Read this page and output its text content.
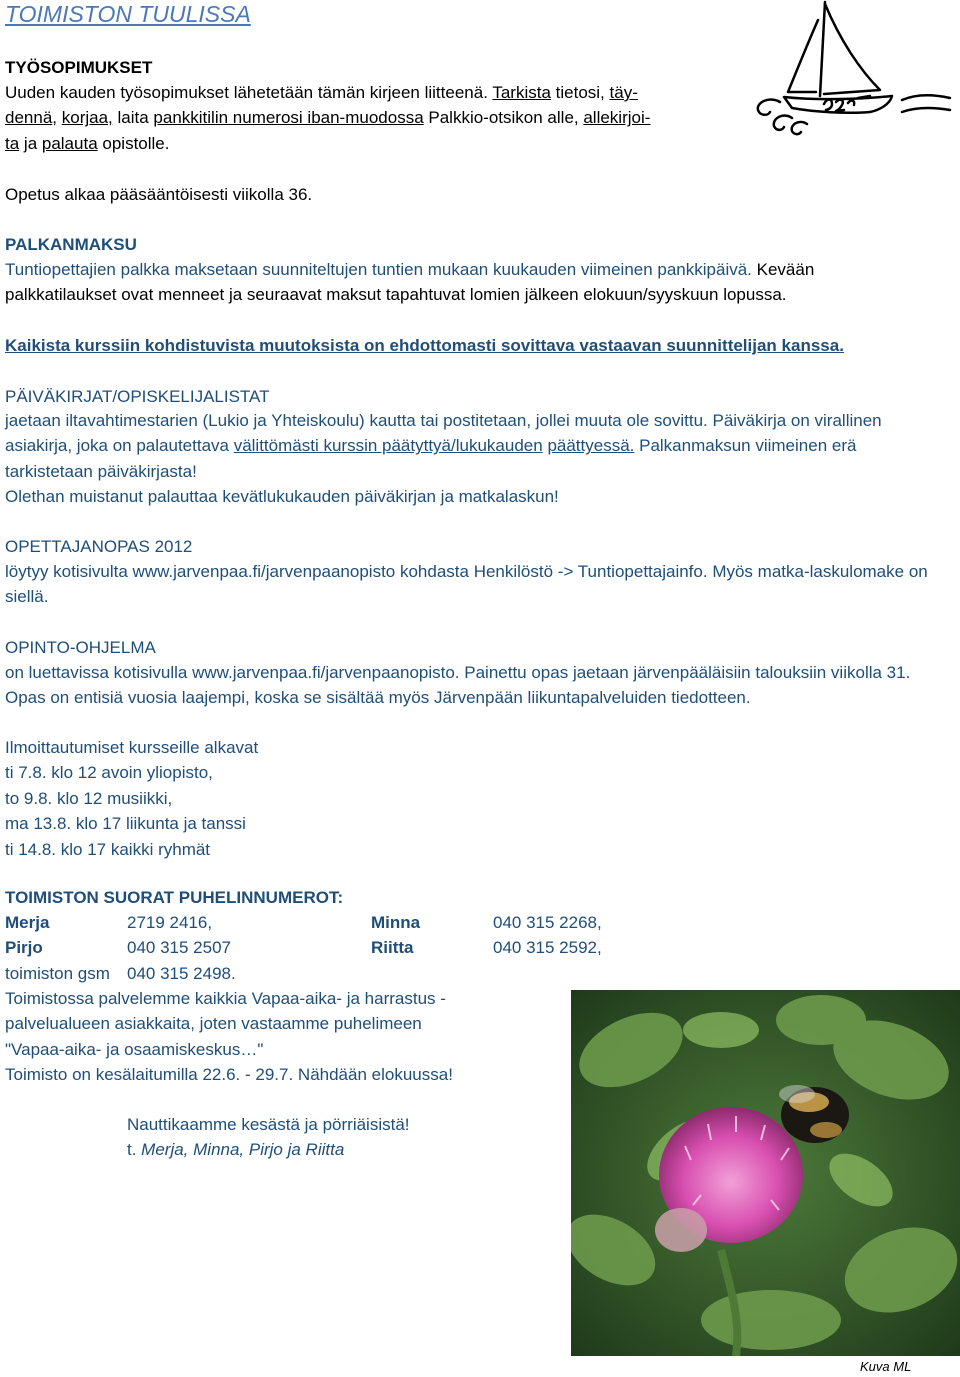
TOIMISTON TUULISSA

TYÖSOPIMUKSET

Uuden kauden työsopimukset lähetetään tämän kirjeen liitteenä. Tarkista tietosi, täy-
dennä, korjaa, laita pankkitilin numerosi iban-muodossa Palkkio-otsikon alle, allekirjoi-
ta ja palauta opistolle.

Opetus alkaa pääsääntöisesti viikolla 36.

PALKANMAKSU

Tuntiopettajien palkka maksetaan suunniteltujen tuntien mukaan kuukauden viimeinen pankkipäivä. Kevään palkkatilaukset ovat menneet ja seuraavat maksut tapahtuvat lomien jälkeen elokuun/syyskuun lopussa.

Kaikista kurssiin kohdistuvista muutoksista on ehdottomasti sovittava vastaavan suunnittelijan kanssa.

PÄIVÄKIRJAT/OPISKELIJALISTAT

jaetaan iltavahtimestarien (Lukio ja Yhteiskoulu) kautta tai postitetaan, jollei muuta ole sovittu. Päiväkirja on virallinen asiakirja, joka on palautettava välittömästi kurssin päätyttyä/lukukauden päättyessä. Palkanmaksun viimeinen erä tarkistetaan päiväkirjasta!
Olethan muistanut palauttaa kevätlukukauden päiväkirjan ja matkalaskun!

OPETTAJANOPAS 2012

löytyy kotisivulta www.jarvenpaa.fi/jarvenpaanopisto kohdasta Henkilöstö -> Tuntiopettajainfo. Myös matka-laskulomake on siellä.

OPINTO-OHJELMA

on luettavissa kotisivulla www.jarvenpaa.fi/jarvenpaanopisto. Painettu opas jaetaan järvenpääläisiin talouksiin viikolla 31. Opas on entisiä vuosia laajempi, koska se sisältää myös Järvenpään liikuntapalveluiden tiedotteen.

Ilmoittautumiset kursseille alkavat
ti 7.8. klo 12 avoin yliopisto,
to 9.8. klo 12 musiikki,
ma 13.8. klo 17 liikunta ja tanssi
ti 14.8. klo 17 kaikki ryhmät

TOIMISTON SUORAT PUHELINNUMEROT:

Merja	2719 2416,	Minna	040 315 2268,
Pirjo	040 315 2507	Riitta	040 315 2592,
toimiston gsm	040 315 2498.		
Toimistossa palvelemme kaikkia Vapaa-aika- ja harrastus -
palvelualueen asiakkaita, joten vastaamme puhelimeen
"Vapaa-aika- ja osaamiskeskus…"
Toimisto on kesälaitumilla 22.6. - 29.7. Nähdään elokuussa!
Nauttikaamme kesästä ja pörriäisistä!
t. Merja, Minna, Pirjo ja Riitta
Kuva ML
